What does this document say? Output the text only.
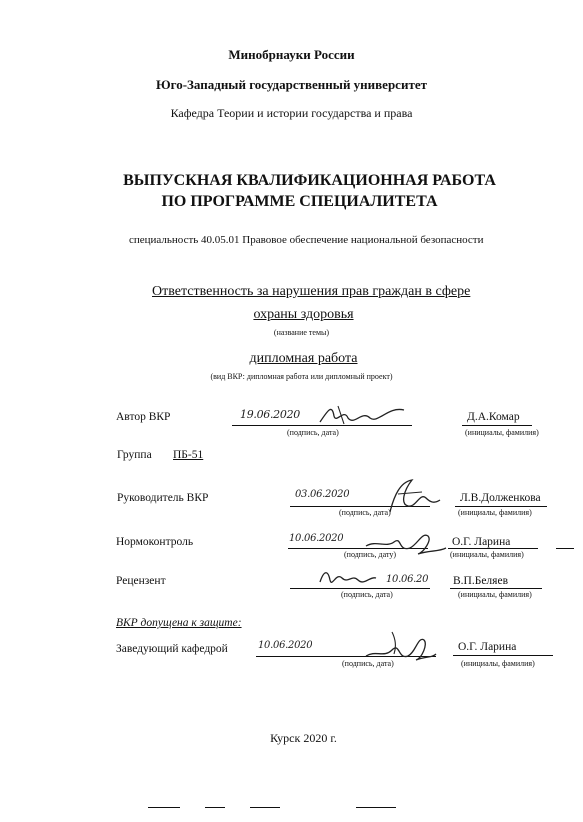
Минобрнауки России
Юго-Западный государственный университет
Кафедра Теории и истории государства и права
ВЫПУСКНАЯ КВАЛИФИКАЦИОННАЯ РАБОТА
ПО ПРОГРАММЕ СПЕЦИАЛИТЕТА
специальность 40.05.01 Правовое обеспечение национальной безопасности
Ответственность за нарушения прав граждан в сфере
охраны здоровья
(название темы)
дипломная работа
(вид ВКР: дипломная работа или дипломный проект)
Автор ВКР	19.06.2020
(подпись, дата)
Д.А.Комар
(инициалы, фамилия)
Группа ПБ-51
Руководитель ВКР	03.06.2020
(подпись, дата)
Л.В.Долженкова
(инициалы, фамилия)
Нормоконтроль	10.06.2020
(подпись, дату)
О.Г. Ларина
(инициалы, фамилия)
Рецензент	10.06.20
(подпись, дата)
В.П.Беляев
(инициалы, фамилия)
ВКР допущена к защите:
Заведующий кафедрой	10.06.2020
(подпись, дата)
О.Г. Ларина
(инициалы, фамилия)
Курск 2020 г.
